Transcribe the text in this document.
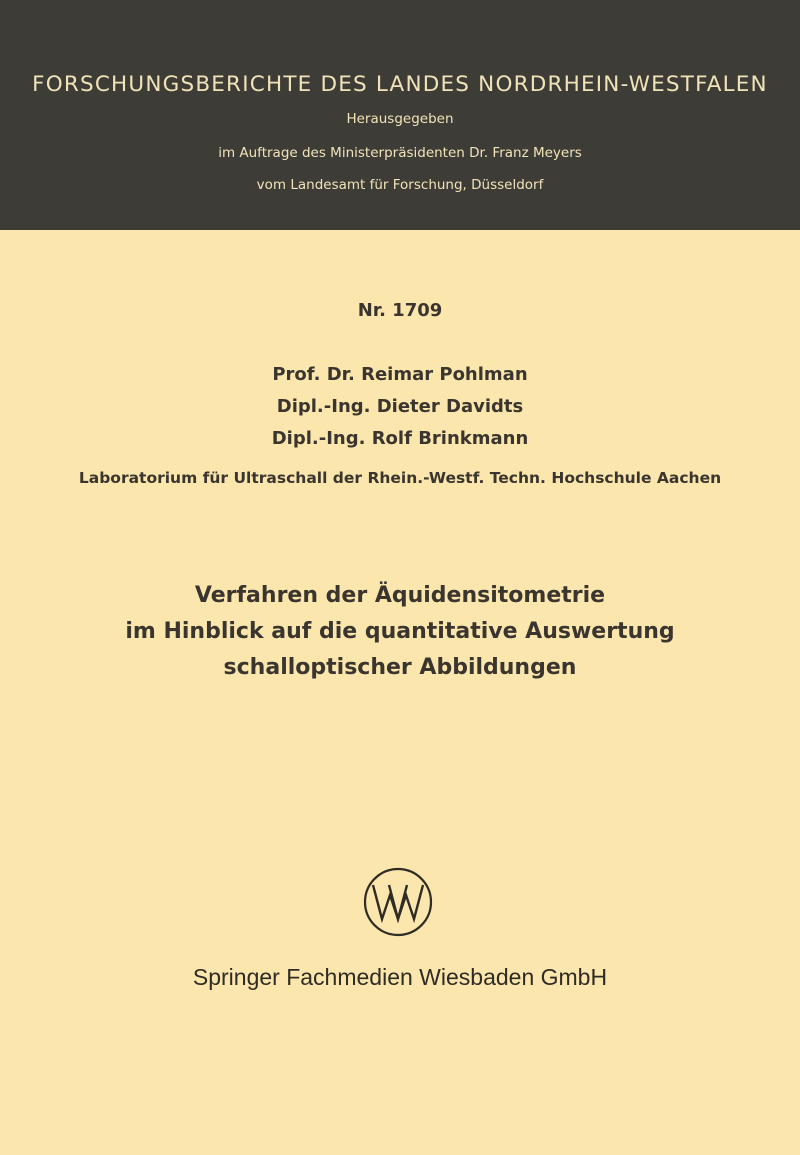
FORSCHUNGSBERICHTE DES LANDES NORDRHEIN-WESTFALEN
Herausgegeben
im Auftrage des Ministerpräsidenten Dr. Franz Meyers
vom Landesamt für Forschung, Düsseldorf
Nr. 1709
Prof. Dr. Reimar Pohlman
Dipl.-Ing. Dieter Davidts
Dipl.-Ing. Rolf Brinkmann
Laboratorium für Ultraschall der Rhein.-Westf. Techn. Hochschule Aachen
Verfahren der Äquidensitometrie
im Hinblick auf die quantitative Auswertung
schalloptischer Abbildungen
Springer Fachmedien Wiesbaden GmbH
